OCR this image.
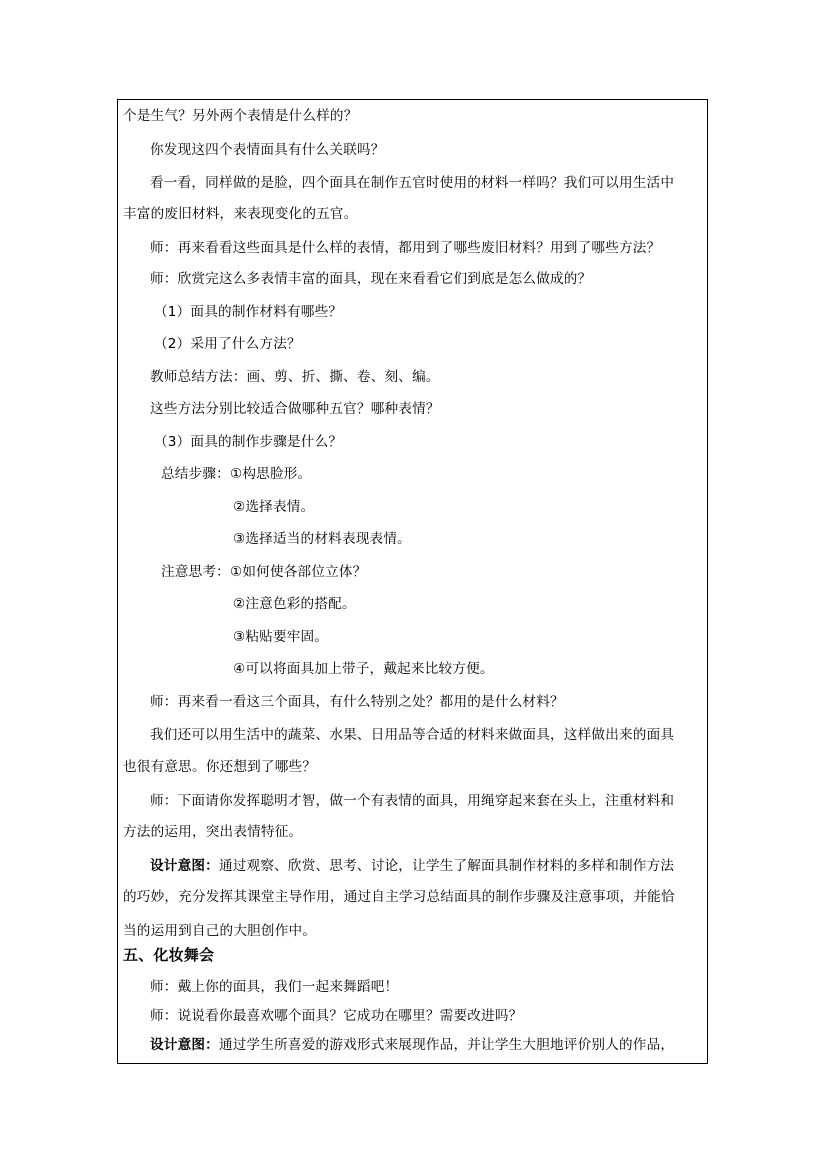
个是生气？另外两个表情是什么样的？
你发现这四个表情面具有什么关联吗？
看一看，同样做的是脸，四个面具在制作五官时使用的材料一样吗？我们可以用生活中
丰富的废旧材料，来表现变化的五官。
师：再来看看这些面具是什么样的表情，都用到了哪些废旧材料？用到了哪些方法？
师：欣赏完这么多表情丰富的面具，现在来看看它们到底是怎么做成的？
（1）面具的制作材料有哪些？
（2）采用了什么方法？
教师总结方法：画、剪、折、撕、卷、刻、编。
这些方法分别比较适合做哪种五官？哪种表情？
（3）面具的制作步骤是什么？
总结步骤：①构思脸形。
②选择表情。
③选择适当的材料表现表情。
注意思考：①如何使各部位立体？
②注意色彩的搭配。
③粘贴要牢固。
④可以将面具加上带子，戴起来比较方便。
师：再来看一看这三个面具，有什么特别之处？都用的是什么材料？
我们还可以用生活中的蔬菜、水果、日用品等合适的材料来做面具，这样做出来的面具
也很有意思。你还想到了哪些？
师：下面请你发挥聪明才智，做一个有表情的面具，用绳穿起来套在头上，注重材料和
方法的运用，突出表情特征。
设计意图：通过观察、欣赏、思考、讨论，让学生了解面具制作材料的多样和制作方法
的巧妙，充分发挥其课堂主导作用，通过自主学习总结面具的制作步骤及注意事项，并能恰
当的运用到自己的大胆创作中。
五、化妆舞会
师：戴上你的面具，我们一起来舞蹈吧！
师：说说看你最喜欢哪个面具？它成功在哪里？需要改进吗？
设计意图：通过学生所喜爱的游戏形式来展现作品，并让学生大胆地评价别人的作品，
